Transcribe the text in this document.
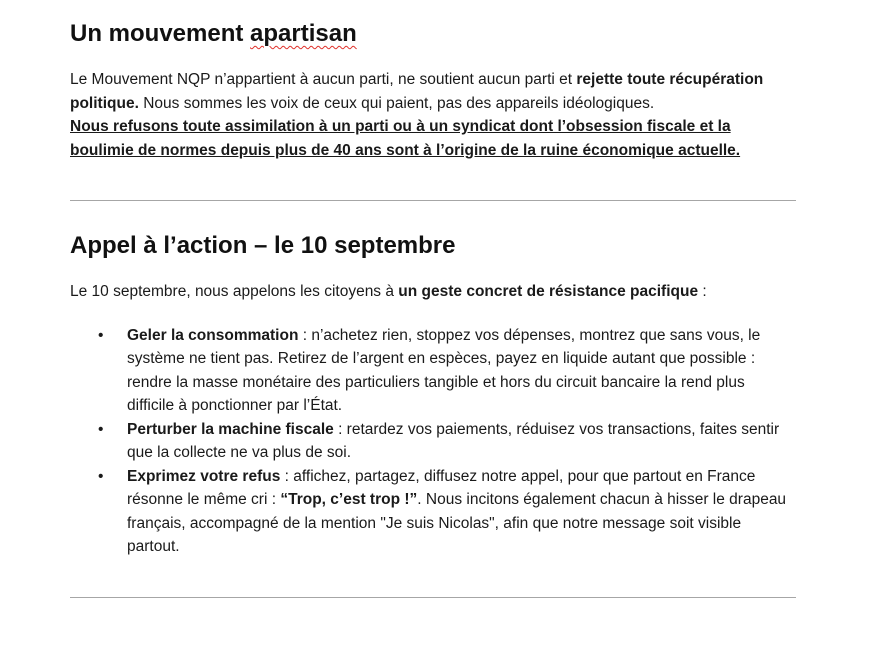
Un mouvement apartisan

Le Mouvement NQP n’appartient à aucun parti, ne soutient aucun parti et rejette toute récupération politique. Nous sommes les voix de ceux qui paient, pas des appareils idéologiques.

Nous refusons toute assimilation à un parti ou à un syndicat dont l’obsession fiscale et la boulimie de normes depuis plus de 40 ans sont à l’origine de la ruine économique actuelle.

Appel à l’action – le 10 septembre

Le 10 septembre, nous appelons les citoyens à un geste concret de résistance pacifique :

• Geler la consommation : n’achetez rien, stoppez vos dépenses, montrez que sans vous, le système ne tient pas. Retirez de l’argent en espèces, payez en liquide autant que possible : rendre la masse monétaire des particuliers tangible et hors du circuit bancaire la rend plus difficile à ponctionner par l’État.
• Perturber la machine fiscale : retardez vos paiements, réduisez vos transactions, faites sentir que la collecte ne va plus de soi.
• Exprimez votre refus : affichez, partagez, diffusez notre appel, pour que partout en France résonne le même cri : “Trop, c’est trop !”. Nous incitons également chacun à hisser le drapeau français, accompagné de la mention "Je suis Nicolas", afin que notre message soit visible partout.
